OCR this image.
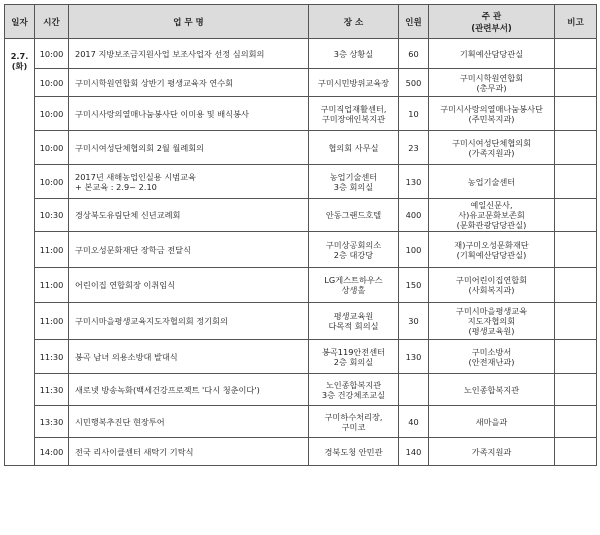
일자	시간	업 무 명	장 소	인원	주 관
(관련부서)	비고

2.7.
(화)	10:00	2017 지방보조금지원사업 보조사업자 선정 심의회의	3층 상황실	60	기획예산담당관실	

	10:00	구미시학원연합회 상반기 평생교육자 연수회	구미시민방위교육장	500	구미시학원연합회
(총무과)	

	10:00	구미시사랑의열매나눔봉사단 이미용 및 배식봉사	구미직업재활센터,
구미장애인복지관	10	구미시사랑의열매나눔봉사단
(주민복지과)	

	10:00	구미시여성단체협의회 2월 월례회의	협의회 사무실	23	구미시여성단체협의회
(가족지원과)	

	10:00	2017년 새해농업인실용 시범교육
+ 본교육 : 2.9~ 2.10	농업기술센터
3층 회의실	130	농업기술센터	

	10:30	경상북도유림단체 신년교례회	안동그랜드호텔	400	예일신문사,
사)유교문화보존회
(문화관광담당관실)	

	11:00	구미오성문화재단 장학금 전달식	구미상공회의소
2층 대강당	100	재)구미오성문화재단
(기획예산담당관실)	

	11:00	어린이집 연합회장 이취임식	LG게스트하우스
상생홀	150	구미어린이집연합회
(사회복지과)	

	11:00	구미시마을평생교육지도자협의회 정기회의	평생교육원
다목적 회의실	30	구미시마을평생교육
지도자협의회
(평생교육원)	

	11:30	봉곡 남녀 의용소방대 발대식	봉곡119안전센터
2층 회의실	130	구미소방서
(안전재난과)	

	11:30	새로넷 방송녹화(백세건강프로젝트 '다시 청춘이다')	노인종합복지관
3층 건강체조교실		노인종합복지관	

	13:30	시민행복추진단 현장투어	구미하수처리장,
구미코	40	새마을과	

	14:00	전국 리사이클센터 새탁기 기탁식	경북도청 안민관	140	가족지원과	
